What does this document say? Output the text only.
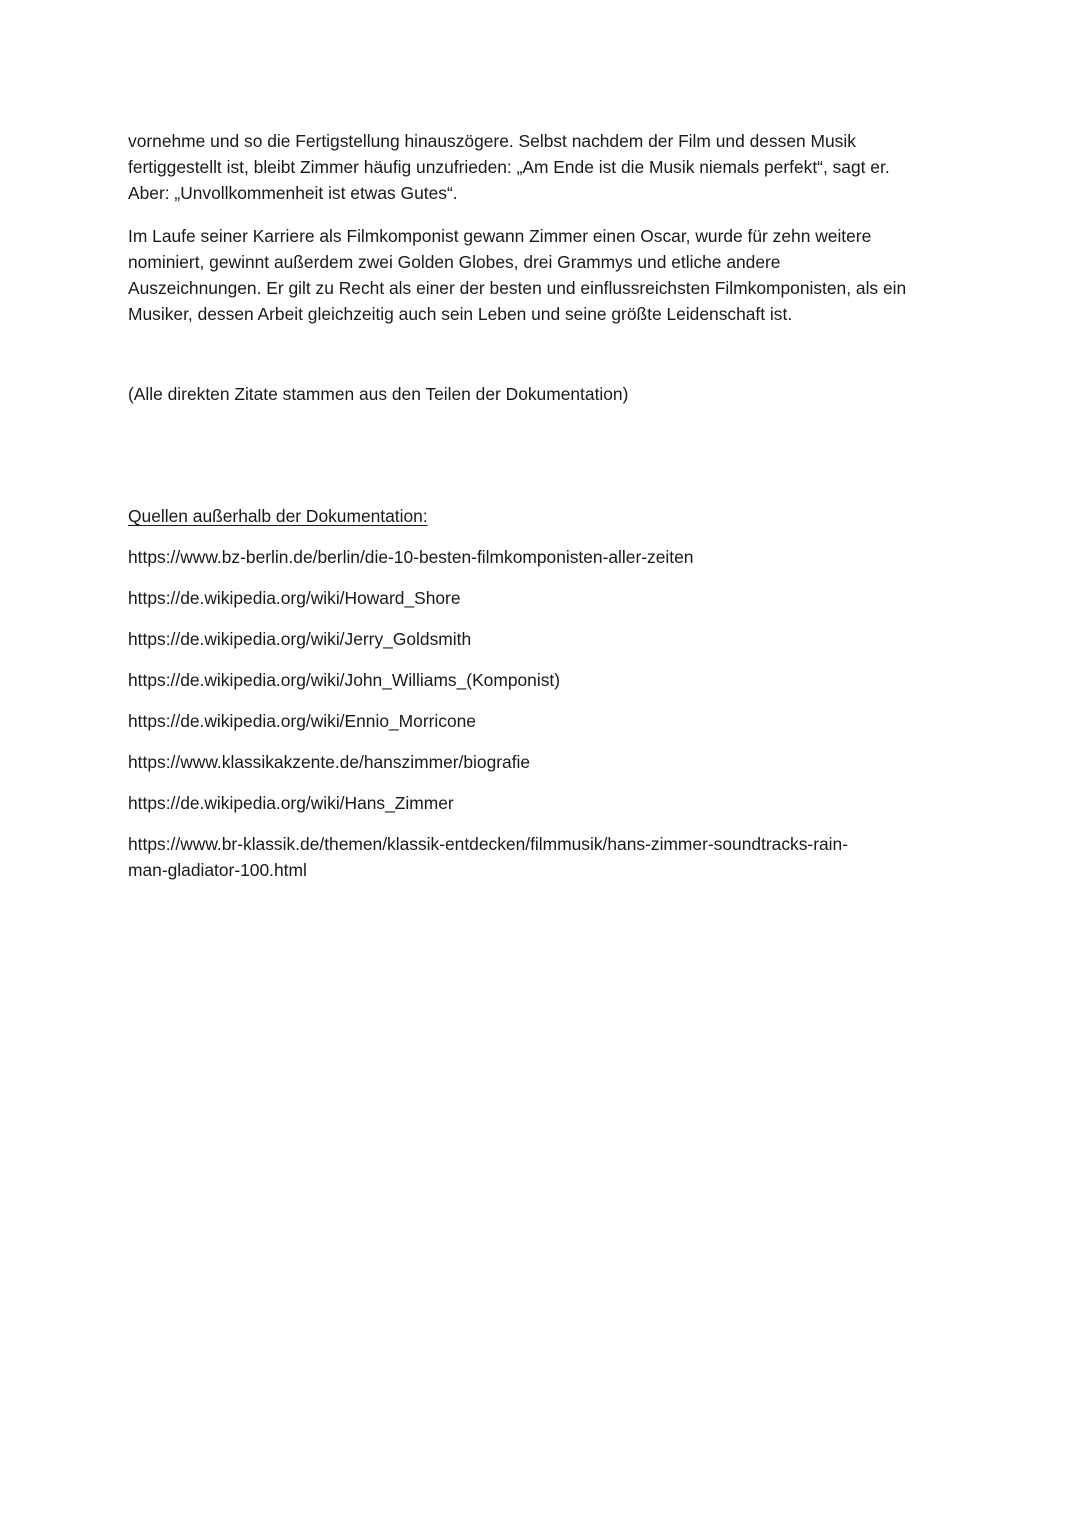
vornehme und so die Fertigstellung hinauszögere. Selbst nachdem der Film und dessen Musik
fertiggestellt ist, bleibt Zimmer häufig unzufrieden: „Am Ende ist die Musik niemals perfekt“, sagt er.
Aber: „Unvollkommenheit ist etwas Gutes“.

Im Laufe seiner Karriere als Filmkomponist gewann Zimmer einen Oscar, wurde für zehn weitere
nominiert, gewinnt außerdem zwei Golden Globes, drei Grammys und etliche andere
Auszeichnungen. Er gilt zu Recht als einer der besten und einflussreichsten Filmkomponisten, als ein
Musiker, dessen Arbeit gleichzeitig auch sein Leben und seine größte Leidenschaft ist.

(Alle direkten Zitate stammen aus den Teilen der Dokumentation)

Quellen außerhalb der Dokumentation:

https://www.bz-berlin.de/berlin/die-10-besten-filmkomponisten-aller-zeiten
https://de.wikipedia.org/wiki/Howard_Shore
https://de.wikipedia.org/wiki/Jerry_Goldsmith
https://de.wikipedia.org/wiki/John_Williams_(Komponist)
https://de.wikipedia.org/wiki/Ennio_Morricone
https://www.klassikakzente.de/hanszimmer/biografie
https://de.wikipedia.org/wiki/Hans_Zimmer
https://www.br-klassik.de/themen/klassik-entdecken/filmmusik/hans-zimmer-soundtracks-rain-
man-gladiator-100.html
